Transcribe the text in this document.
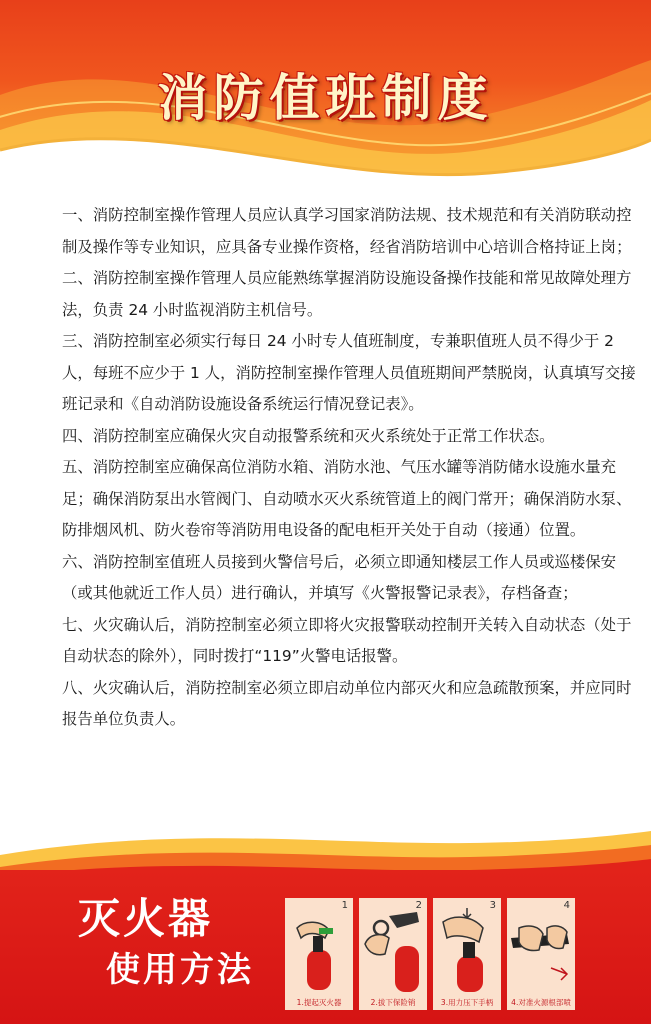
消防值班制度

一、消防控制室操作管理人员应认真学习国家消防法规、技术规范和有关消防联动控制及操作等专业知识，应具备专业操作资格，经省消防培训中心培训合格持证上岗；

二、消防控制室操作管理人员应能熟练掌握消防设施设备操作技能和常见故障处理方法，负责 24 小时监视消防主机信号。

三、消防控制室必须实行每日 24 小时专人值班制度，专兼职值班人员不得少于 2 人，每班不应少于 1 人，消防控制室操作管理人员值班期间严禁脱岗，认真填写交接班记录和《自动消防设施设备系统运行情况登记表》。

四、消防控制室应确保火灾自动报警系统和灭火系统处于正常工作状态。

五、消防控制室应确保高位消防水箱、消防水池、气压水罐等消防储水设施水量充足；确保消防泵出水管阀门、自动喷水灭火系统管道上的阀门常开；确保消防水泵、防排烟风机、防火卷帘等消防用电设备的配电柜开关处于自动（接通）位置。

六、消防控制室值班人员接到火警信号后，必须立即通知楼层工作人员或巡楼保安（或其他就近工作人员）进行确认，并填写《火警报警记录表》，存档备查；

七、火灾确认后，消防控制室必须立即将火灾报警联动控制开关转入自动状态（处于自动状态的除外），同时拨打“119”火警电话报警。

八、火灾确认后，消防控制室必须立即启动单位内部灭火和应急疏散预案，并应同时报告单位负责人。

灭火器
使用方法
1
1.提起灭火器
2
2.拔下保险销
3
3.用力压下手柄
4
4.对准火源根部喷
